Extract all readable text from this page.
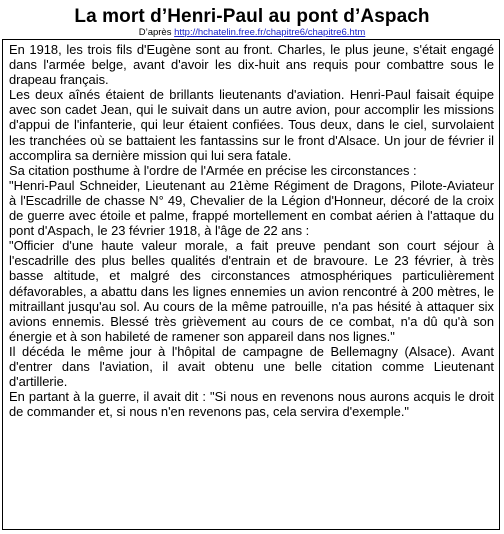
La mort d’Henri-Paul au pont d’Aspach
D’après http://hchatelin.free.fr/chapitre6/chapitre6.htm

En 1918, les trois fils d'Eugène sont au front. Charles, le plus jeune, s'était engagé dans l'armée belge, avant d'avoir les dix-huit ans requis pour combattre sous le drapeau français.

Les deux aînés étaient de brillants lieutenants d'aviation. Henri-Paul faisait équipe avec son cadet Jean, qui le suivait dans un autre avion, pour accomplir les missions d'appui de l'infanterie, qui leur étaient confiées. Tous deux, dans le ciel, survolaient les tranchées où se battaient les fantassins sur le front d'Alsace. Un jour de février il accomplira sa dernière mission qui lui sera fatale.

Sa citation posthume à l'ordre de l'Armée en précise les circonstances :

"Henri-Paul Schneider, Lieutenant au 21ème Régiment de Dragons, Pilote-Aviateur à l'Escadrille de chasse N° 49, Chevalier de la Légion d'Honneur, décoré de la croix de guerre avec étoile et palme, frappé mortellement en combat aérien à l'attaque du pont d'Aspach, le 23 février 1918, à l'âge de 22 ans :

"Officier d'une haute valeur morale, a fait preuve pendant son court séjour à l'escadrille des plus belles qualités d'entrain et de bravoure. Le 23 février, à très basse altitude, et malgré des circonstances atmosphériques particulièrement défavorables, a abattu dans les lignes ennemies un avion rencontré à 200 mètres, le mitraillant jusqu'au sol. Au cours de la même patrouille, n'a pas hésité à attaquer six avions ennemis. Blessé très grièvement au cours de ce combat, n'a dû qu'à son énergie et à son habileté de ramener son appareil dans nos lignes."

Il décéda le même jour à l'hôpital de campagne de Bellemagny (Alsace). Avant d'entrer dans l'aviation, il avait obtenu une belle citation comme Lieutenant d'artillerie.

En partant à la guerre, il avait dit : "Si nous en revenons nous aurons acquis le droit de commander et, si nous n'en revenons pas, cela servira d'exemple."
